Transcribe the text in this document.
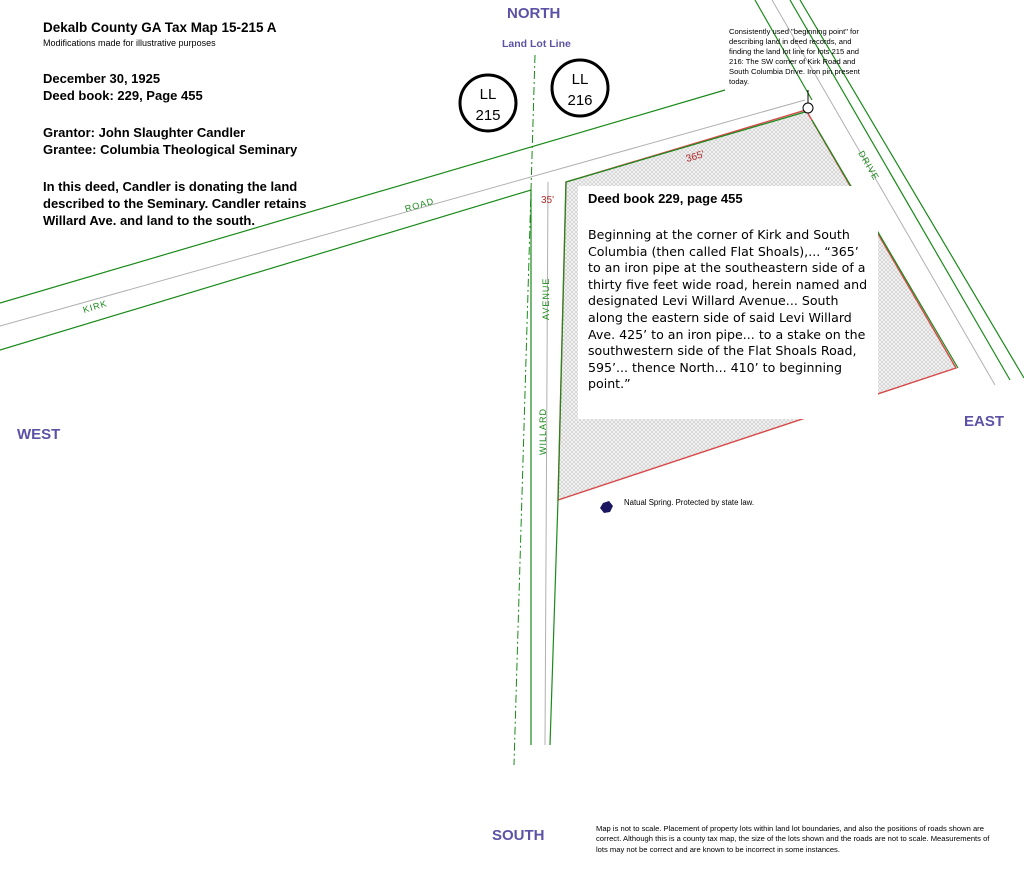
LL
215
LL
216
KIRK
ROAD
DRIVE
AVENUE
WILLARD
365'
35'
Dekalb County GA Tax Map 15-215 A
Modifications made for illustrative purposes
December 30, 1925
Deed book: 229, Page 455
Grantor: John Slaughter Candler
Grantee: Columbia Theological Seminary
In this deed, Candler is donating the land
described to the Seminary. Candler retains
Willard Ave. and land to the south.
NORTH
SOUTH
EAST
WEST
Land Lot Line
Consistently used "beginning point" for
describing land in deed records, and
finding the land lot line for lots 215 and
216: The SW corner of Kirk Road and
South Columbia Drive. Iron pin present
today.
Deed book 229, page 455
Beginning at the corner of Kirk and South Columbia (then called Flat Shoals),... “365’ to an iron pipe at the southeastern side of a thirty five feet wide road, herein named and designated Levi Willard Avenue... South along the eastern side of said Levi Willard Ave. 425’ to an iron pipe... to a stake on the southwestern side of the Flat Shoals Road, 595’... thence North... 410’ to beginning point.”
Natual Spring. Protected by state law.
Map is not to scale. Placement of property lots within land lot boundaries, and also the positions of roads shown are correct. Although this is a county tax map, the size of the lots shown and the roads are not to scale. Measurements of lots may not be correct and are known to be incorrect in some instances.
